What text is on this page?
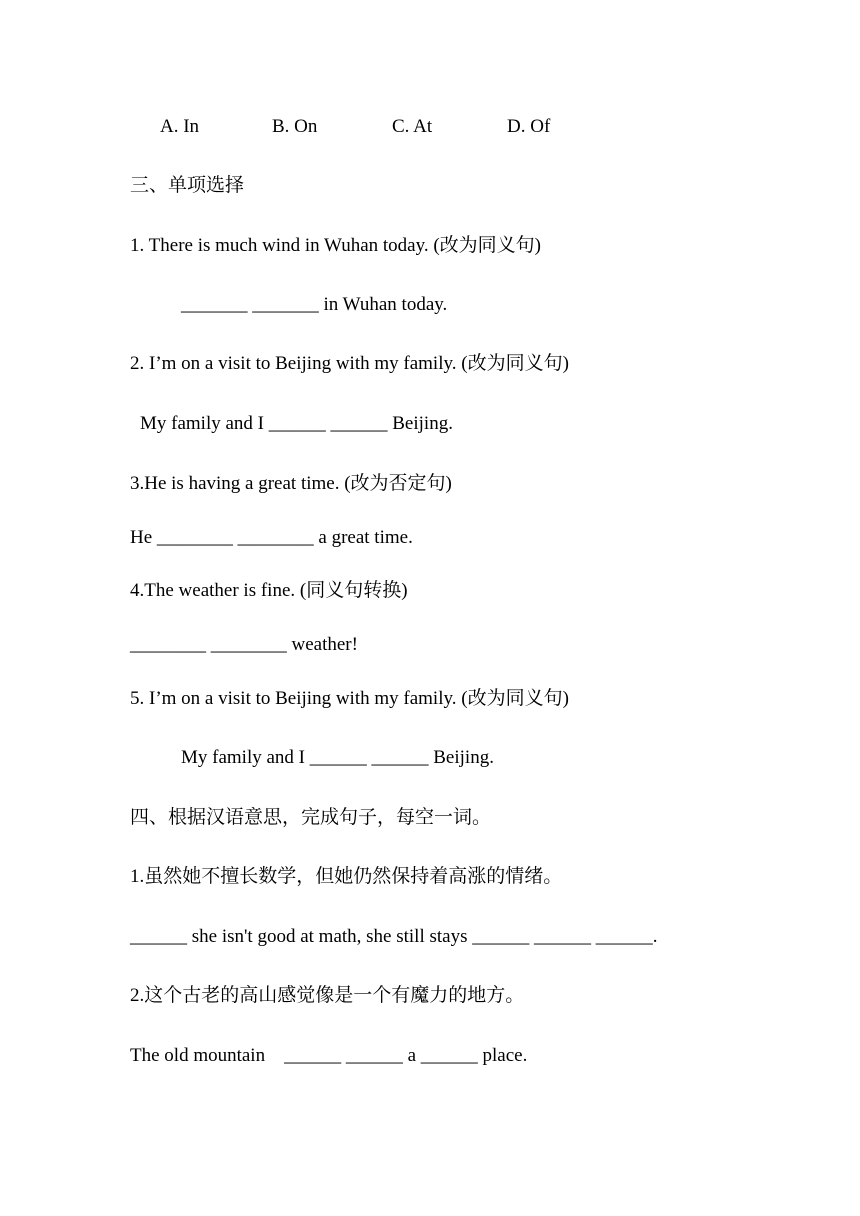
A. In	B. On	C. At	D. Of
三、单项选择
1. There is much wind in Wuhan today. (改为同义句)
_______ _______ in Wuhan today.
2. I’m on a visit to Beijing with my family. (改为同义句)
My family and I ______ ______ Beijing.
3.He is having a great time. (改为否定句)
He ________ ________ a great time.
4.The weather is fine. (同义句转换)
________ ________ weather!
5. I’m on a visit to Beijing with my family. (改为同义句)
My family and I ______ ______ Beijing.
四、根据汉语意思，完成句子，每空一词。
1.虽然她不擅长数学，但她仍然保持着高涨的情绪。
______ she isn't good at math, she still stays ______ ______ ______.
2.这个古老的高山感觉像是一个有魔力的地方。
The old mountain    ______ ______ a ______ place.
